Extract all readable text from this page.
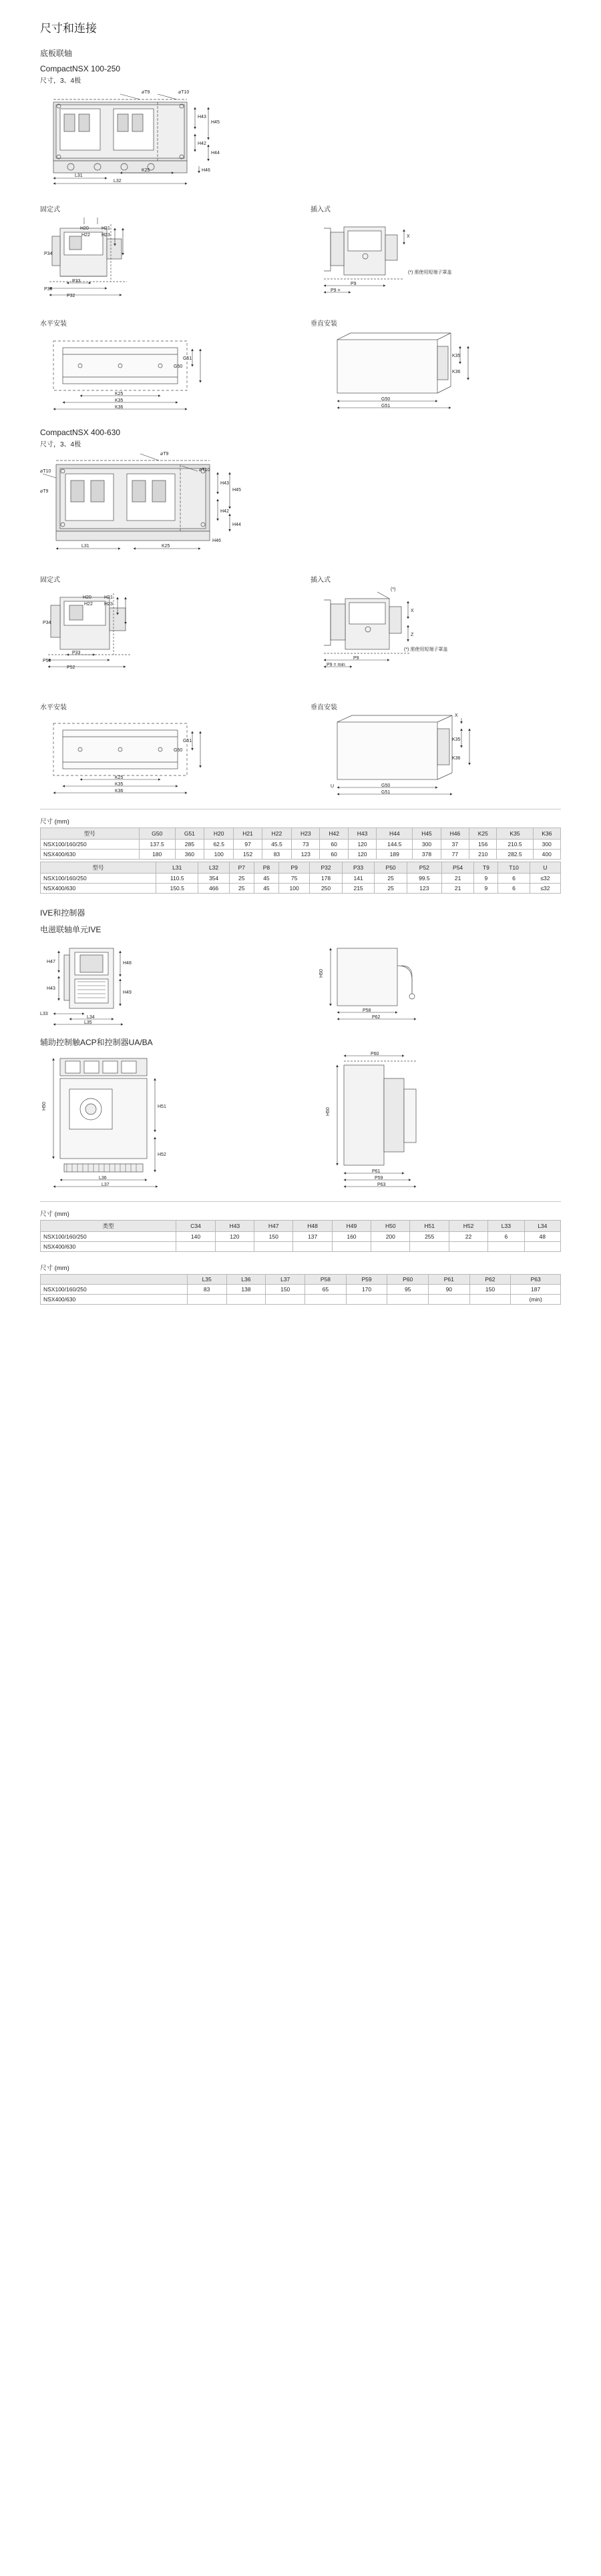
尺寸和连接
底板联轴
CompactNSX 100-250
尺寸，3、4极
⌀T9	⌀T10
H43
H45
H42
H44
H46
L31
L32
K25
固定式
H20
H22
H21
H23
P34
P33
P30
P32
插入式
X
P9
P9 =
(*) 需使用短端子罩盖
水平安装
G51
G50
K25
K35
K36
垂直安装
K35
K36
G50
G51
CompactNSX 400-630
尺寸，3、4极
⌀T9
⌀T10
⌀T10
⌀T9
H43
H45
H42
H44
H46
L31	K25
固定式
H20
H22
H21
H23
P34
P33
P50
P52
插入式
(*)
X
Z
P9
P9 = min
(*) 需使用短端子罩盖
水平安装
G51
G50
K25
K35
K36
垂直安装
X
K35
K36
U	G50
G51
尺寸 (mm)
型号	G50	G51	H20	H21	H22	H23	H42	H43	H44	H45	H46	K25	K35	K36
NSX100/160/250	137.5	285	62.5	97	45.5	73	60	120	144.5	300	37	156	210.5	300
NSX400/630	180	360	100	152	83	123	60	120	189	378	77	210	282.5	400
型号	L31	L32	P7	P8	P9	P32	P33	P50	P52	P54	T9	T10	U
NSX100/160/250	110.5	354	25	45	75	178	141	25	99.5	21	9	6	≤32
NSX400/630	150.5	466	25	45	100	250	215	25	123	21	9	6	≤32
IVE和控制器
电滋联轴单元IVE
H47
H43
H48
H49
L33
L34
L35
H50
P58
P62
辅助控制触ACP和控制器UA/BA
H50	H51
H52
L36
L37
H50
P60
P61
P59
P63
尺寸 (mm)
类型	C34	H43	H47	H48	H49	H50	H51	H52	L33	L34
NSX100/160/250	140	120	150	137	160	200	255	22	6	48
NSX400/630										
尺寸 (mm)
	L35	L36	L37	P58	P59	P60	P61	P62	P63
NSX100/160/250	83	138	150	65	170	95	90	150	187
NSX400/630									(min)
